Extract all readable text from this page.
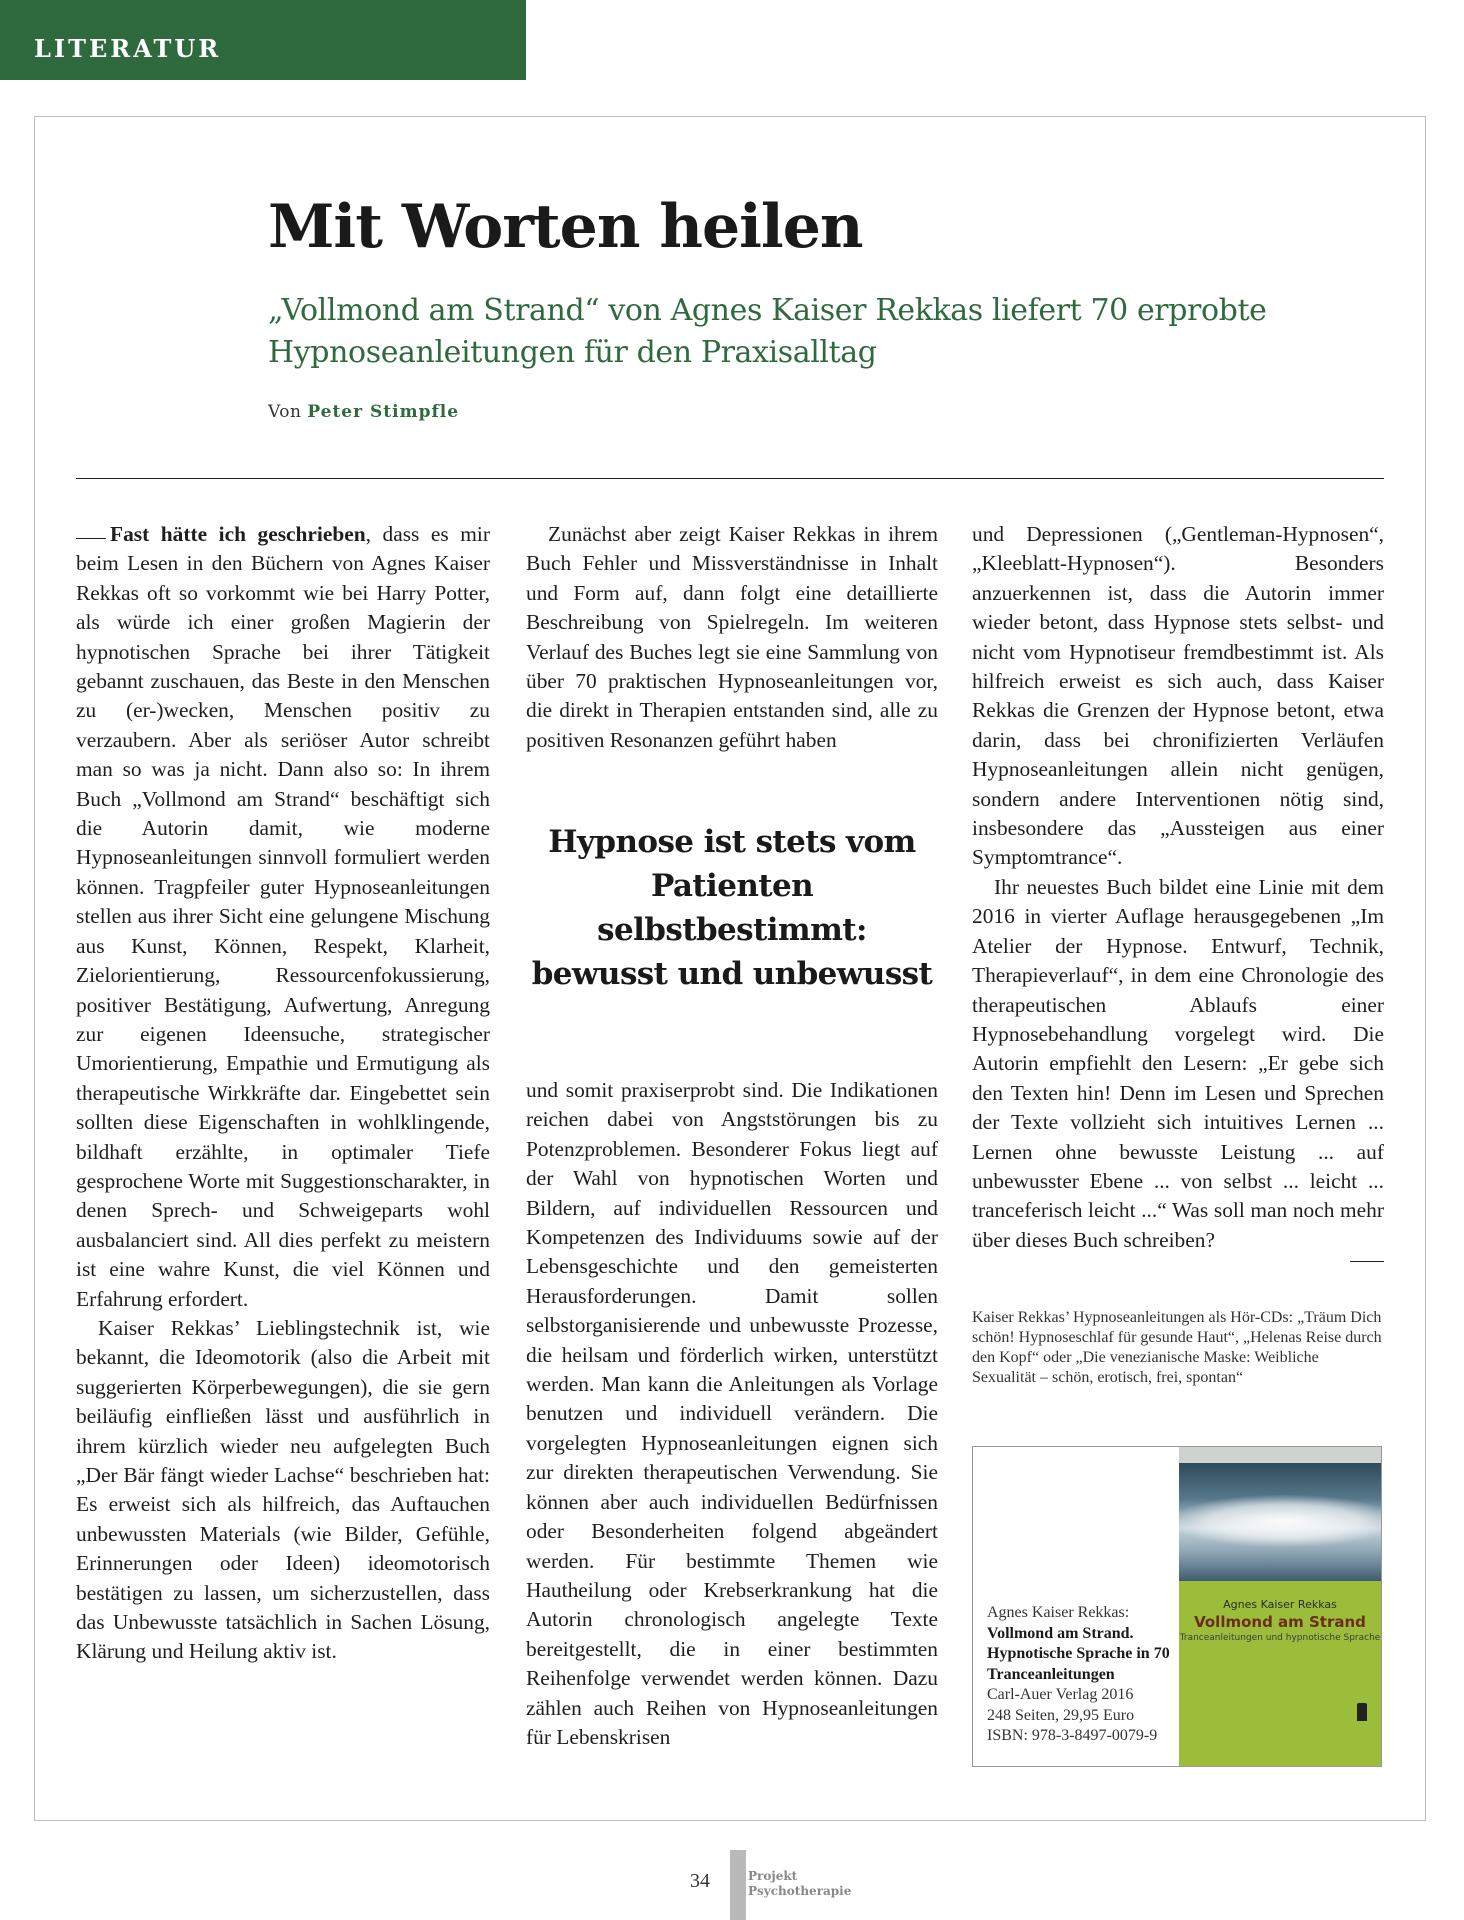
LITERATUR
Mit Worten heilen

„Vollmond am Strand“ von Agnes Kaiser Rekkas liefert 70 erprobte Hypnoseanleitungen für den Praxisalltag

Von Peter Stimpfle

Fast hätte ich geschrieben, dass es mir beim Lesen in den Büchern von Agnes Kaiser Rekkas oft so vorkommt wie bei Harry Potter, als würde ich einer großen Magierin der hypnotischen Sprache bei ihrer Tätigkeit gebannt zuschauen, das Beste in den Menschen zu (er-)wecken, Menschen positiv zu verzaubern. Aber als seriöser Autor schreibt man so was ja nicht. Dann also so: In ihrem Buch „Vollmond am Strand“ beschäftigt sich die Autorin damit, wie moderne Hypnoseanleitungen sinnvoll formuliert werden können. Tragpfeiler guter Hypnoseanleitungen stellen aus ihrer Sicht eine gelungene Mischung aus Kunst, Können, Respekt, Klarheit, Zielorientierung, Ressourcenfokussierung, positiver Bestätigung, Aufwertung, Anregung zur eigenen Ideensuche, strategischer Umorientierung, Empathie und Ermutigung als therapeutische Wirkkräfte dar. Eingebettet sein sollten diese Eigenschaften in wohlklingende, bildhaft erzählte, in optimaler Tiefe gesprochene Worte mit Suggestionscharakter, in denen Sprech- und Schweigeparts wohl ausbalanciert sind. All dies perfekt zu meistern ist eine wahre Kunst, die viel Können und Erfahrung erfordert.

Kaiser Rekkas’ Lieblingstechnik ist, wie bekannt, die Ideomotorik (also die Arbeit mit suggerierten Körperbewegungen), die sie gern beiläufig einfließen lässt und ausführlich in ihrem kürzlich wieder neu aufgelegten Buch „Der Bär fängt wieder Lachse“ beschrieben hat: Es erweist sich als hilfreich, das Auftauchen unbewussten Materials (wie Bilder, Gefühle, Erinnerungen oder Ideen) ideomotorisch bestätigen zu lassen, um sicherzustellen, dass das Unbewusste tatsächlich in Sachen Lösung, Klärung und Heilung aktiv ist.

Zunächst aber zeigt Kaiser Rekkas in ihrem Buch Fehler und Missverständnisse in Inhalt und Form auf, dann folgt eine detaillierte Beschreibung von Spielregeln. Im weiteren Verlauf des Buches legt sie eine Sammlung von über 70 praktischen Hypnoseanleitungen vor, die direkt in Therapien entstanden sind, alle zu positiven Resonanzen geführt haben

Hypnose ist stets vom Patienten selbstbestimmt: bewusst und unbewusst

und somit praxiserprobt sind. Die Indikationen reichen dabei von Angststörungen bis zu Potenzproblemen. Besonderer Fokus liegt auf der Wahl von hypnotischen Worten und Bildern, auf individuellen Ressourcen und Kompetenzen des Individuums sowie auf der Lebensgeschichte und den gemeisterten Herausforderungen. Damit sollen selbstorganisierende und unbewusste Prozesse, die heilsam und förderlich wirken, unterstützt werden. Man kann die Anleitungen als Vorlage benutzen und individuell verändern. Die vorgelegten Hypnoseanleitungen eignen sich zur direkten therapeutischen Verwendung. Sie können aber auch individuellen Bedürfnissen oder Besonderheiten folgend abgeändert werden. Für bestimmte Themen wie Hautheilung oder Krebserkrankung hat die Autorin chronologisch angelegte Texte bereitgestellt, die in einer bestimmten Reihenfolge verwendet werden können. Dazu zählen auch Reihen von Hypnoseanleitungen für Lebenskrisen

und Depressionen („Gentleman-Hypnosen“, „Kleeblatt-Hypnosen“). Besonders anzuerkennen ist, dass die Autorin immer wieder betont, dass Hypnose stets selbst- und nicht vom Hypnotiseur fremdbestimmt ist. Als hilfreich erweist es sich auch, dass Kaiser Rekkas die Grenzen der Hypnose betont, etwa darin, dass bei chronifizierten Verläufen Hypnoseanleitungen allein nicht genügen, sondern andere Interventionen nötig sind, insbesondere das „Aussteigen aus einer Symptomtrance“.

Ihr neuestes Buch bildet eine Linie mit dem 2016 in vierter Auflage herausgegebenen „Im Atelier der Hypnose. Entwurf, Technik, Therapieverlauf“, in dem eine Chronologie des therapeutischen Ablaufs einer Hypnosebehandlung vorgelegt wird. Die Autorin empfiehlt den Lesern: „Er gebe sich den Texten hin! Denn im Lesen und Sprechen der Texte vollzieht sich intuitives Lernen ... Lernen ohne bewusste Leistung ... auf unbewusster Ebene ... von selbst ... leicht ... tranceferisch leicht ...“ Was soll man noch mehr über dieses Buch schreiben?

Kaiser Rekkas’ Hypnoseanleitungen als Hör-CDs: „Träum Dich schön! Hypnoseschlaf für gesunde Haut“, „Helenas Reise durch den Kopf“ oder „Die venezianische Maske: Weibliche Sexualität – schön, erotisch, frei, spontan“
Agnes Kaiser Rekkas:
Vollmond am Strand. Hypnotische Sprache in 70 Tranceanleitungen
Carl-Auer Verlag 2016
248 Seiten, 29,95 Euro
ISBN: 978-3-8497-0079-9
Agnes Kaiser Rekkas
Vollmond am Strand
Tranceanleitungen und hypnotische Sprache
34	Projekt
Psychotherapie
